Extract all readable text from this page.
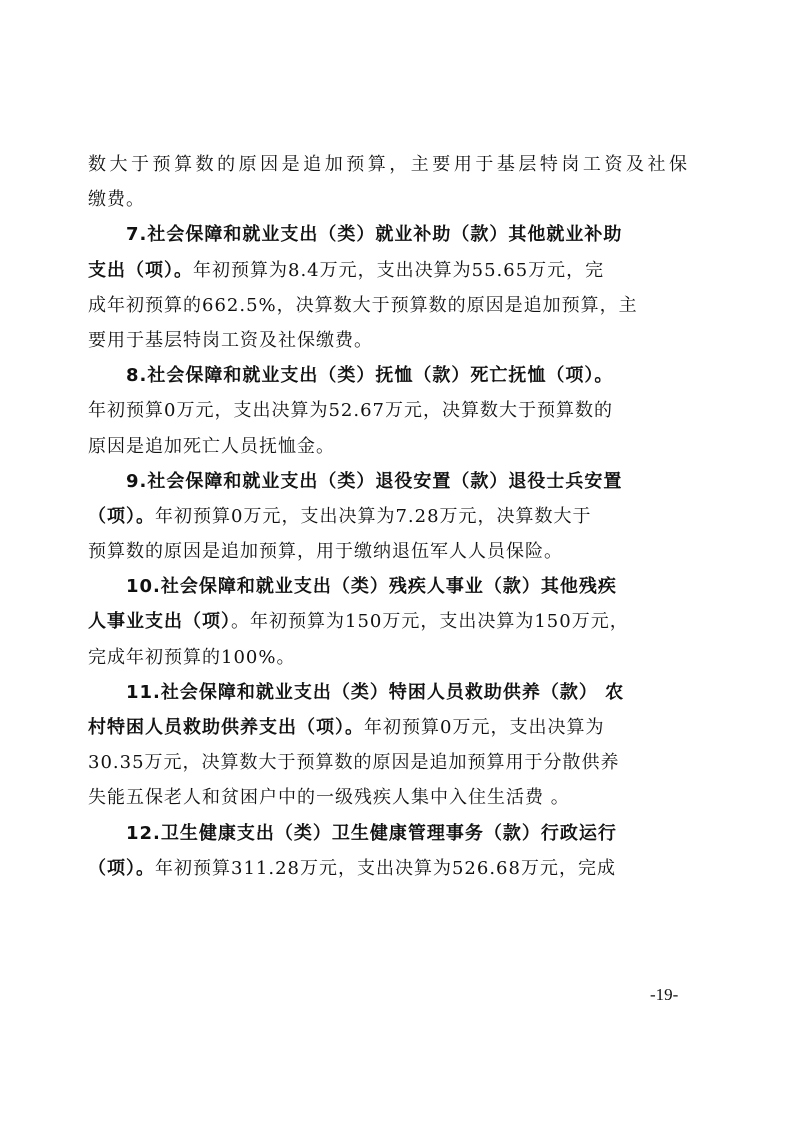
数大于预算数的原因是追加预算，主要用于基层特岗工资及社保
缴费。
7.社会保障和就业支出（类）就业补助（款）其他就业补助
支出（项）。年初预算为8.4万元，支出决算为55.65万元，完
成年初预算的662.5%，决算数大于预算数的原因是追加预算，主
要用于基层特岗工资及社保缴费。
8.社会保障和就业支出（类）抚恤（款）死亡抚恤（项）。
年初预算0万元，支出决算为52.67万元，决算数大于预算数的
原因是追加死亡人员抚恤金。
9.社会保障和就业支出（类）退役安置（款）退役士兵安置
（项）。年初预算0万元，支出决算为7.28万元，决算数大于
预算数的原因是追加预算，用于缴纳退伍军人人员保险。
10.社会保障和就业支出（类）残疾人事业（款）其他残疾
人事业支出（项）。年初预算为150万元，支出决算为150万元，
完成年初预算的100%。
11.社会保障和就业支出（类）特困人员救助供养（款） 农
村特困人员救助供养支出（项）。年初预算0万元，支出决算为
30.35万元，决算数大于预算数的原因是追加预算用于分散供养
失能五保老人和贫困户中的一级残疾人集中入住生活费 。
12.卫生健康支出（类）卫生健康管理事务（款）行政运行
（项）。年初预算311.28万元，支出决算为526.68万元，完成
-19-
